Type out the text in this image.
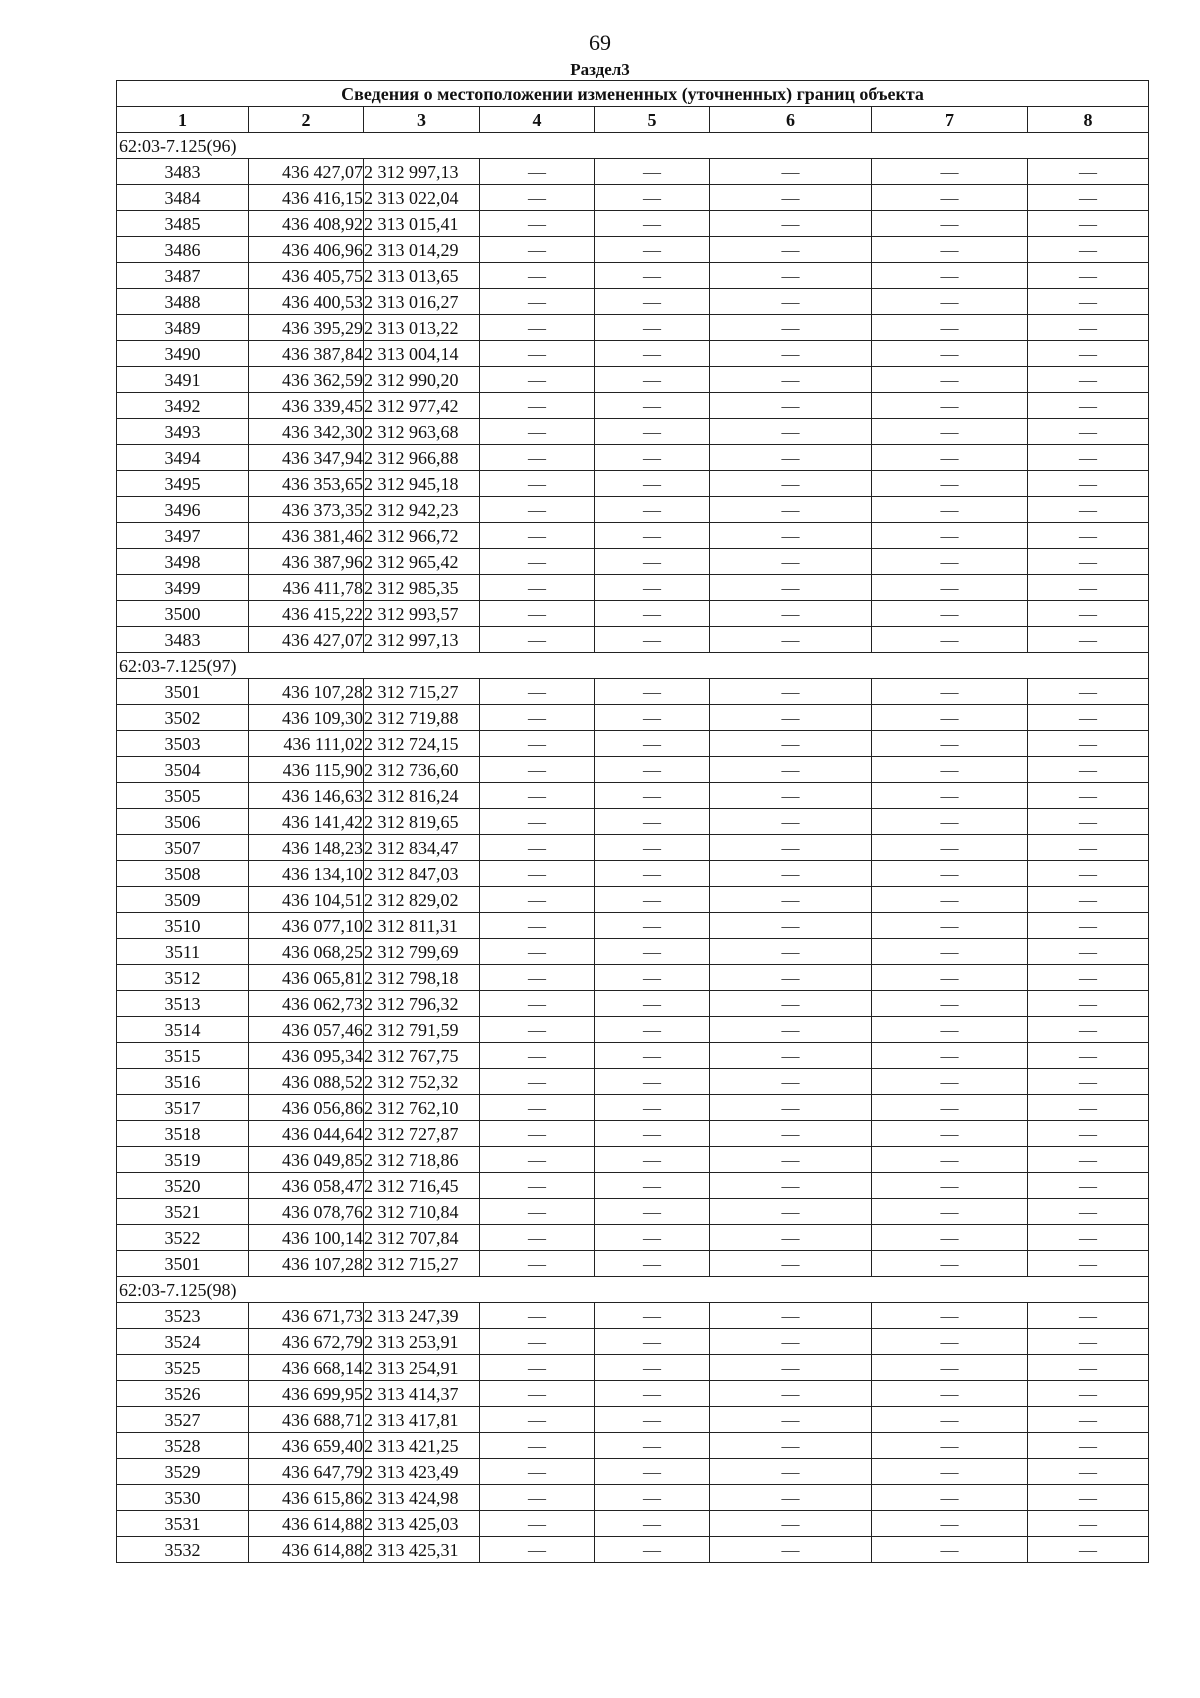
69
Раздел3
Сведения о местоположении измененных (уточненных) границ объекта							
1	2	3	4	5	6	7	8
62:03-7.125(96)							
3483	436 427,07	2 312 997,13	—	—	—	—	—
3484	436 416,15	2 313 022,04	—	—	—	—	—
3485	436 408,92	2 313 015,41	—	—	—	—	—
3486	436 406,96	2 313 014,29	—	—	—	—	—
3487	436 405,75	2 313 013,65	—	—	—	—	—
3488	436 400,53	2 313 016,27	—	—	—	—	—
3489	436 395,29	2 313 013,22	—	—	—	—	—
3490	436 387,84	2 313 004,14	—	—	—	—	—
3491	436 362,59	2 312 990,20	—	—	—	—	—
3492	436 339,45	2 312 977,42	—	—	—	—	—
3493	436 342,30	2 312 963,68	—	—	—	—	—
3494	436 347,94	2 312 966,88	—	—	—	—	—
3495	436 353,65	2 312 945,18	—	—	—	—	—
3496	436 373,35	2 312 942,23	—	—	—	—	—
3497	436 381,46	2 312 966,72	—	—	—	—	—
3498	436 387,96	2 312 965,42	—	—	—	—	—
3499	436 411,78	2 312 985,35	—	—	—	—	—
3500	436 415,22	2 312 993,57	—	—	—	—	—
3483	436 427,07	2 312 997,13	—	—	—	—	—
62:03-7.125(97)							
3501	436 107,28	2 312 715,27	—	—	—	—	—
3502	436 109,30	2 312 719,88	—	—	—	—	—
3503	436 111,02	2 312 724,15	—	—	—	—	—
3504	436 115,90	2 312 736,60	—	—	—	—	—
3505	436 146,63	2 312 816,24	—	—	—	—	—
3506	436 141,42	2 312 819,65	—	—	—	—	—
3507	436 148,23	2 312 834,47	—	—	—	—	—
3508	436 134,10	2 312 847,03	—	—	—	—	—
3509	436 104,51	2 312 829,02	—	—	—	—	—
3510	436 077,10	2 312 811,31	—	—	—	—	—
3511	436 068,25	2 312 799,69	—	—	—	—	—
3512	436 065,81	2 312 798,18	—	—	—	—	—
3513	436 062,73	2 312 796,32	—	—	—	—	—
3514	436 057,46	2 312 791,59	—	—	—	—	—
3515	436 095,34	2 312 767,75	—	—	—	—	—
3516	436 088,52	2 312 752,32	—	—	—	—	—
3517	436 056,86	2 312 762,10	—	—	—	—	—
3518	436 044,64	2 312 727,87	—	—	—	—	—
3519	436 049,85	2 312 718,86	—	—	—	—	—
3520	436 058,47	2 312 716,45	—	—	—	—	—
3521	436 078,76	2 312 710,84	—	—	—	—	—
3522	436 100,14	2 312 707,84	—	—	—	—	—
3501	436 107,28	2 312 715,27	—	—	—	—	—
62:03-7.125(98)							
3523	436 671,73	2 313 247,39	—	—	—	—	—
3524	436 672,79	2 313 253,91	—	—	—	—	—
3525	436 668,14	2 313 254,91	—	—	—	—	—
3526	436 699,95	2 313 414,37	—	—	—	—	—
3527	436 688,71	2 313 417,81	—	—	—	—	—
3528	436 659,40	2 313 421,25	—	—	—	—	—
3529	436 647,79	2 313 423,49	—	—	—	—	—
3530	436 615,86	2 313 424,98	—	—	—	—	—
3531	436 614,88	2 313 425,03	—	—	—	—	—
3532	436 614,88	2 313 425,31	—	—	—	—	—
